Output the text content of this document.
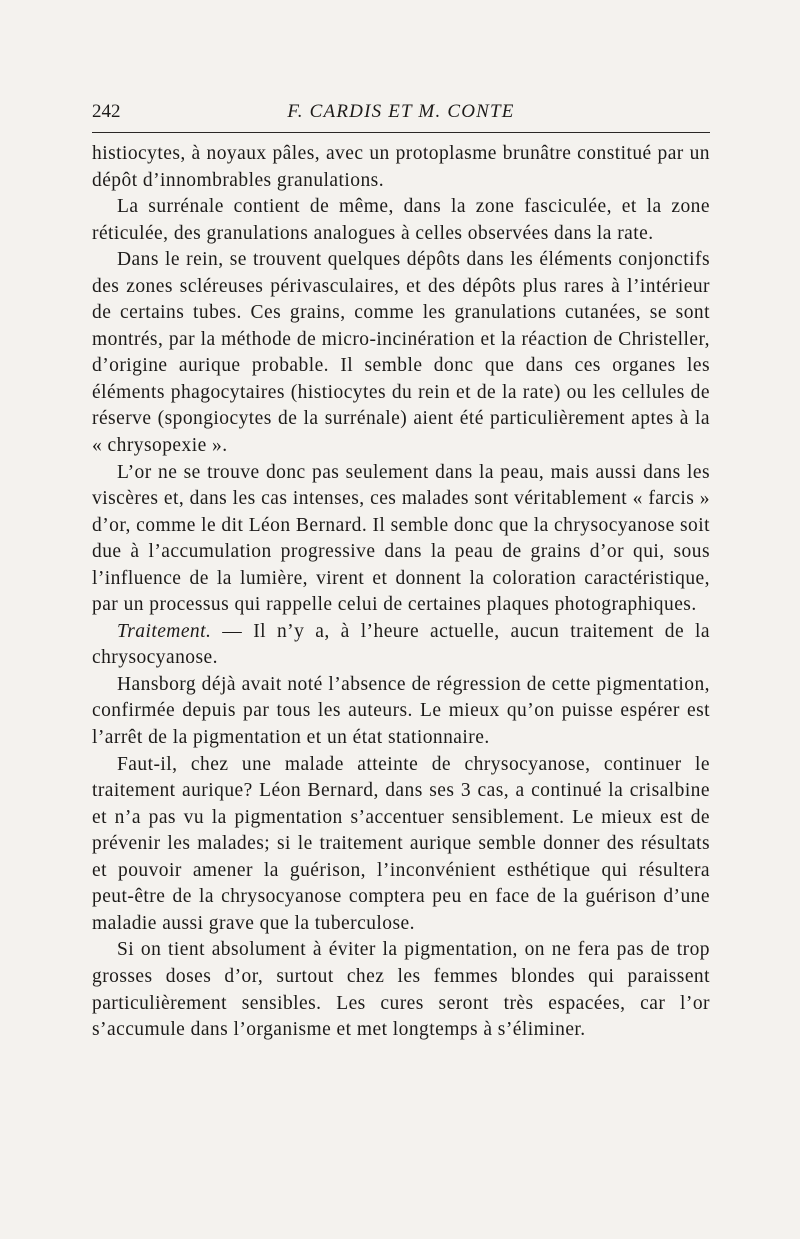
242	F. CARDIS ET M. CONTE

histiocytes, à noyaux pâles, avec un protoplasme brunâtre constitué par un dépôt d’innombrables granulations.

La surrénale contient de même, dans la zone fasciculée, et la zone réticulée, des granulations analogues à celles observées dans la rate.

Dans le rein, se trouvent quelques dépôts dans les éléments conjonctifs des zones scléreuses périvasculaires, et des dépôts plus rares à l’intérieur de certains tubes. Ces grains, comme les granulations cutanées, se sont montrés, par la méthode de micro-incinération et la réaction de Christeller, d’origine aurique probable. Il semble donc que dans ces organes les éléments phagocytaires (histiocytes du rein et de la rate) ou les cellules de réserve (spongiocytes de la surrénale) aient été particulièrement aptes à la « chrysopexie ».

L’or ne se trouve donc pas seulement dans la peau, mais aussi dans les viscères et, dans les cas intenses, ces malades sont véritablement « farcis » d’or, comme le dit Léon Bernard. Il semble donc que la chrysocyanose soit due à l’accumulation progressive dans la peau de grains d’or qui, sous l’influence de la lumière, virent et donnent la coloration caractéristique, par un processus qui rappelle celui de certaines plaques photographiques.

Traitement. — Il n’y a, à l’heure actuelle, aucun traitement de la chrysocyanose.

Hansborg déjà avait noté l’absence de régression de cette pigmentation, confirmée depuis par tous les auteurs. Le mieux qu’on puisse espérer est l’arrêt de la pigmentation et un état stationnaire.

Faut-il, chez une malade atteinte de chrysocyanose, continuer le traitement aurique? Léon Bernard, dans ses 3 cas, a continué la crisalbine et n’a pas vu la pigmentation s’accentuer sensiblement. Le mieux est de prévenir les malades; si le traitement aurique semble donner des résultats et pouvoir amener la guérison, l’inconvénient esthétique qui résultera peut-être de la chrysocyanose comptera peu en face de la guérison d’une maladie aussi grave que la tuberculose.

Si on tient absolument à éviter la pigmentation, on ne fera pas de trop grosses doses d’or, surtout chez les femmes blondes qui paraissent particulièrement sensibles. Les cures seront très espacées, car l’or s’accumule dans l’organisme et met longtemps à s’éliminer.
